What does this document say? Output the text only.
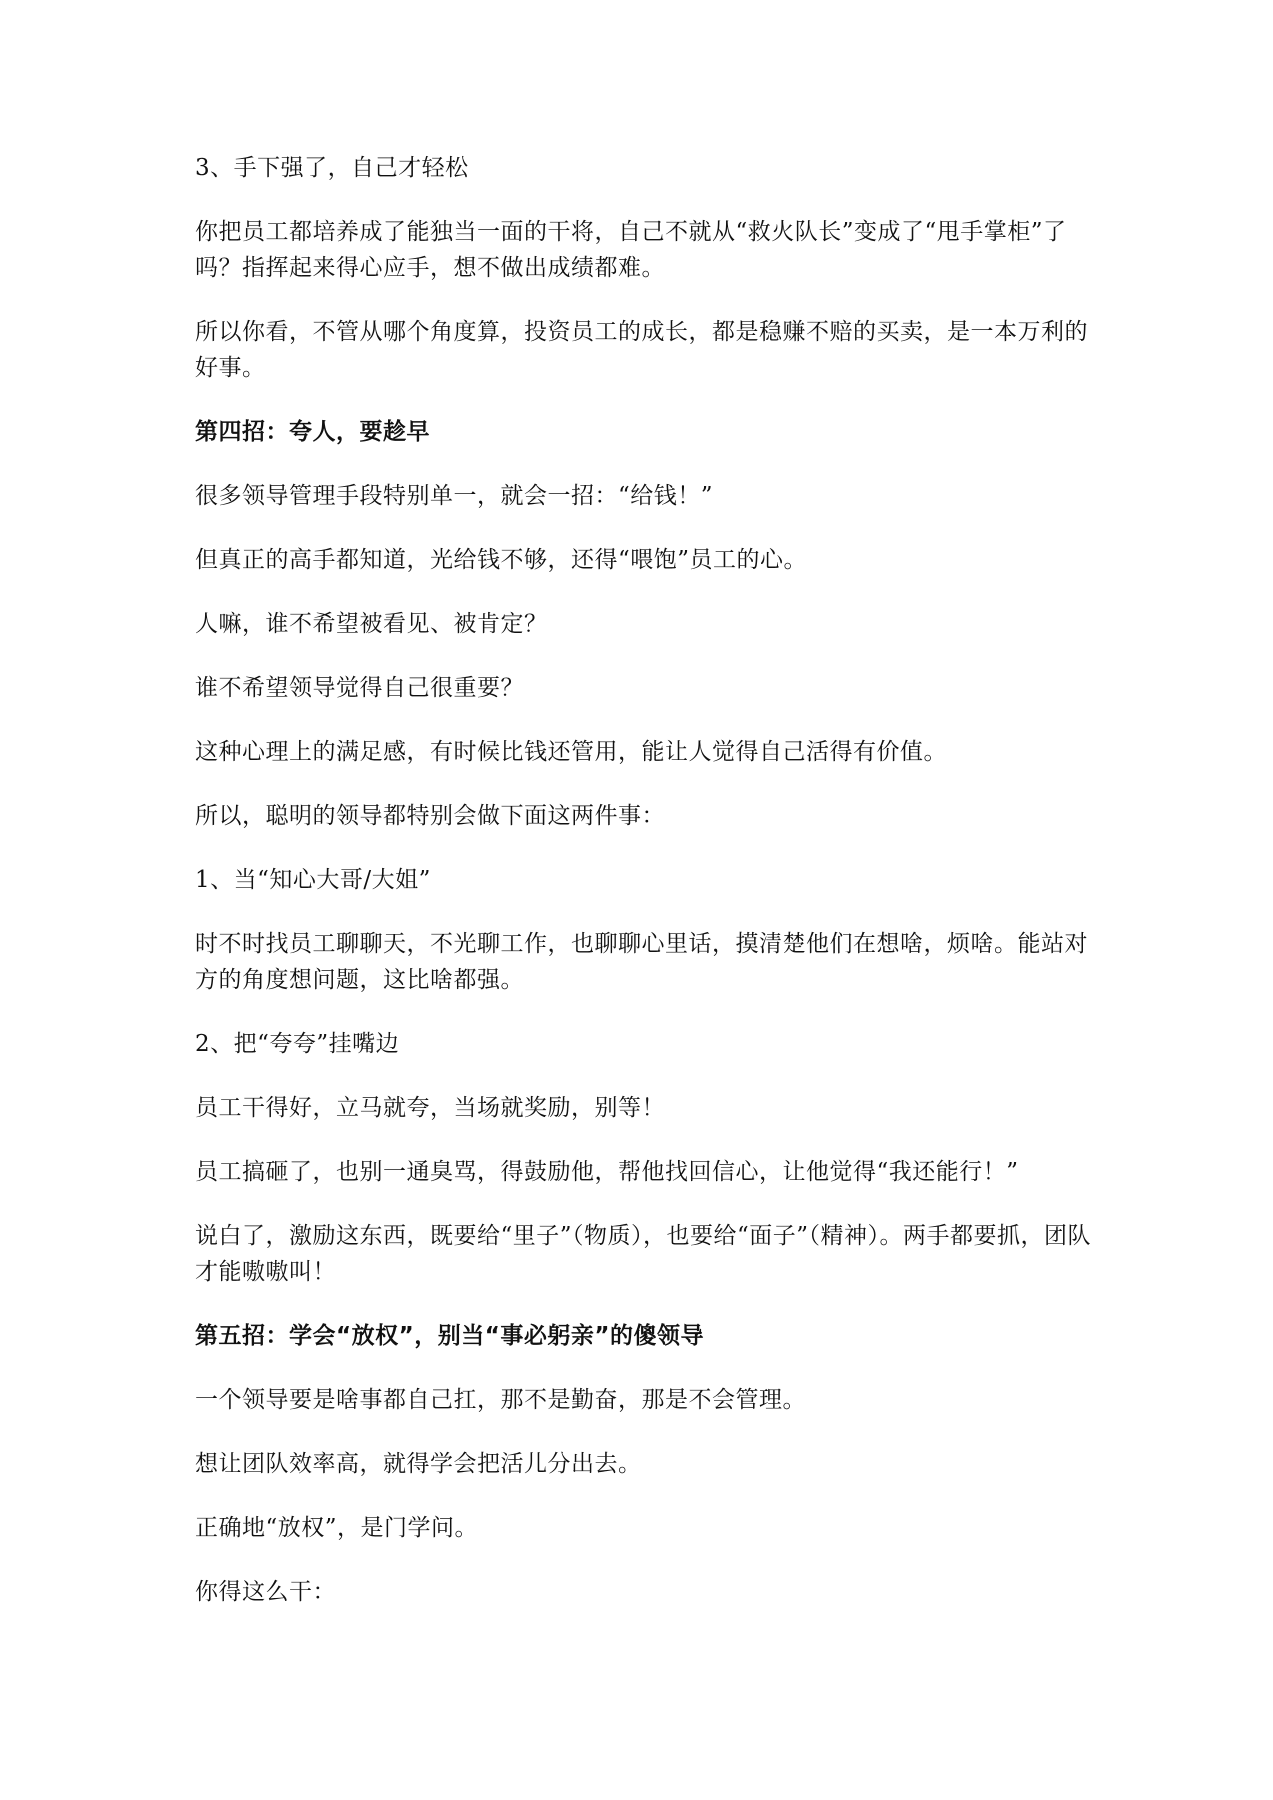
3、手下强了，自己才轻松

你把员工都培养成了能独当一面的干将，自己不就从“救火队长”变成了“甩手掌柜”了吗？指挥起来得心应手，想不做出成绩都难。

所以你看，不管从哪个角度算，投资员工的成长，都是稳赚不赔的买卖，是一本万利的好事。

第四招：夸人，要趁早

很多领导管理手段特别单一，就会一招：“给钱！”

但真正的高手都知道，光给钱不够，还得“喂饱”员工的心。

人嘛，谁不希望被看见、被肯定？

谁不希望领导觉得自己很重要？

这种心理上的满足感，有时候比钱还管用，能让人觉得自己活得有价值。

所以，聪明的领导都特别会做下面这两件事：

1、当“知心大哥/大姐”

时不时找员工聊聊天，不光聊工作，也聊聊心里话，摸清楚他们在想啥，烦啥。能站对方的角度想问题，这比啥都强。

2、把“夸夸”挂嘴边

员工干得好，立马就夸，当场就奖励，别等！

员工搞砸了，也别一通臭骂，得鼓励他，帮他找回信心，让他觉得“我还能行！”

说白了，激励这东西，既要给“里子”（物质），也要给“面子”（精神）。两手都要抓，团队才能嗷嗷叫！

第五招：学会“放权”，别当“事必躬亲”的傻领导

一个领导要是啥事都自己扛，那不是勤奋，那是不会管理。

想让团队效率高，就得学会把活儿分出去。

正确地“放权”，是门学问。

你得这么干：
